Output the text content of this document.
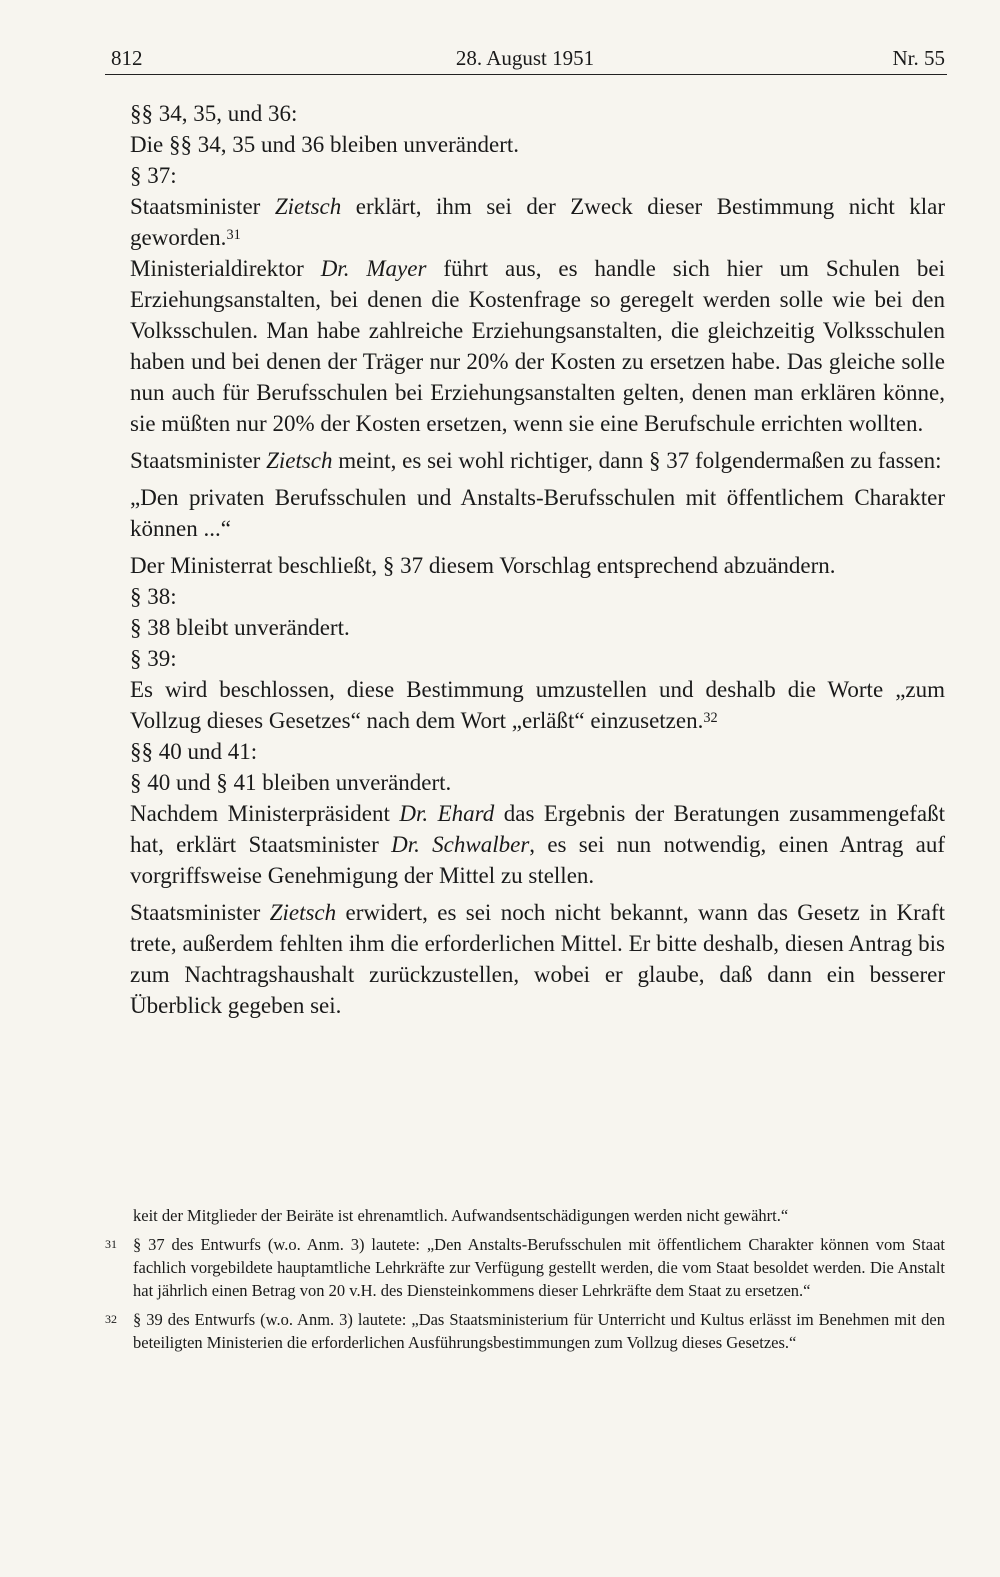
812	28. August 1951	Nr. 55

§§ 34, 35, und 36:

Die §§ 34, 35 und 36 bleiben unverändert.

§ 37:

Staatsminister Zietsch erklärt, ihm sei der Zweck dieser Bestimmung nicht klar geworden.$^{31}$

Ministerialdirektor Dr. Mayer führt aus, es handle sich hier um Schulen bei Erziehungsanstalten, bei denen die Kostenfrage so geregelt werden solle wie bei den Volksschulen. Man habe zahlreiche Erziehungsanstalten, die gleichzeitig Volksschulen haben und bei denen der Träger nur 20% der Kosten zu ersetzen habe. Das gleiche solle nun auch für Berufsschulen bei Erziehungsanstalten gelten, denen man erklären könne, sie müßten nur 20% der Kosten ersetzen, wenn sie eine Berufschule errichten wollten.

Staatsminister Zietsch meint, es sei wohl richtiger, dann § 37 folgendermaßen zu fassen:

„Den privaten Berufsschulen und Anstalts-Berufsschulen mit öffentlichem Charakter können ...“

Der Ministerrat beschließt, § 37 diesem Vorschlag entsprechend abzuändern.

§ 38:

§ 38 bleibt unverändert.

§ 39:

Es wird beschlossen, diese Bestimmung umzustellen und deshalb die Worte „zum Vollzug dieses Gesetzes“ nach dem Wort „erläßt“ einzusetzen.$^{32}$

§§ 40 und 41:

§ 40 und § 41 bleiben unverändert.

Nachdem Ministerpräsident Dr. Ehard das Ergebnis der Beratungen zusammengefaßt hat, erklärt Staatsminister Dr. Schwalber, es sei nun notwendig, einen Antrag auf vorgriffsweise Genehmigung der Mittel zu stellen.

Staatsminister Zietsch erwidert, es sei noch nicht bekannt, wann das Gesetz in Kraft trete, außerdem fehlten ihm die erforderlichen Mittel. Er bitte deshalb, diesen Antrag bis zum Nachtragshaushalt zurückzustellen, wobei er glaube, daß dann ein besserer Überblick gegeben sei.

keit der Mitglieder der Beiräte ist ehrenamtlich. Aufwandsentschädigungen werden nicht gewährt.“

31 § 37 des Entwurfs (w.o. Anm. 3) lautete: „Den Anstalts-Berufsschulen mit öffentlichem Charakter können vom Staat fachlich vorgebildete hauptamtliche Lehrkräfte zur Verfügung gestellt werden, die vom Staat besoldet werden. Die Anstalt hat jährlich einen Betrag von 20 v.H. des Diensteinkommens dieser Lehrkräfte dem Staat zu ersetzen.“

32 § 39 des Entwurfs (w.o. Anm. 3) lautete: „Das Staatsministerium für Unterricht und Kultus erlässt im Benehmen mit den beteiligten Ministerien die erforderlichen Ausführungsbestimmungen zum Vollzug dieses Gesetzes.“
